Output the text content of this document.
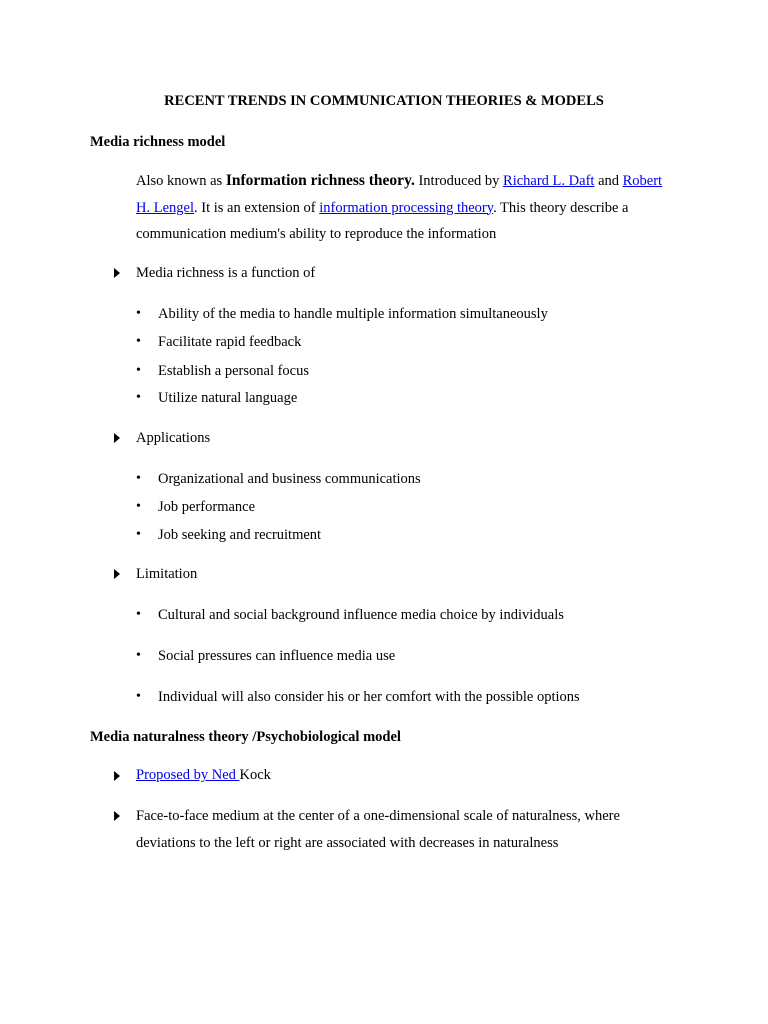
RECENT TRENDS IN COMMUNICATION THEORIES & MODELS
Media richness model
Also known as Information richness theory. Introduced by Richard L. Daft and Robert H. Lengel. It is an extension of information processing theory. This theory describe a communication medium's ability to reproduce the information
Media richness is a function of
• Ability of the media to handle multiple information simultaneously
• Facilitate rapid feedback
• Establish a personal focus
• Utilize natural language
Applications
• Organizational and business communications
• Job performance
• Job seeking and recruitment
Limitation
• Cultural and social background influence media choice by individuals
• Social pressures can influence media use
• Individual will also consider his or her comfort with the possible options
Media naturalness theory /Psychobiological model
Proposed by Ned Kock
Face-to-face medium at the center of a one-dimensional scale of naturalness, where
deviations to the left or right are associated with decreases in naturalness
